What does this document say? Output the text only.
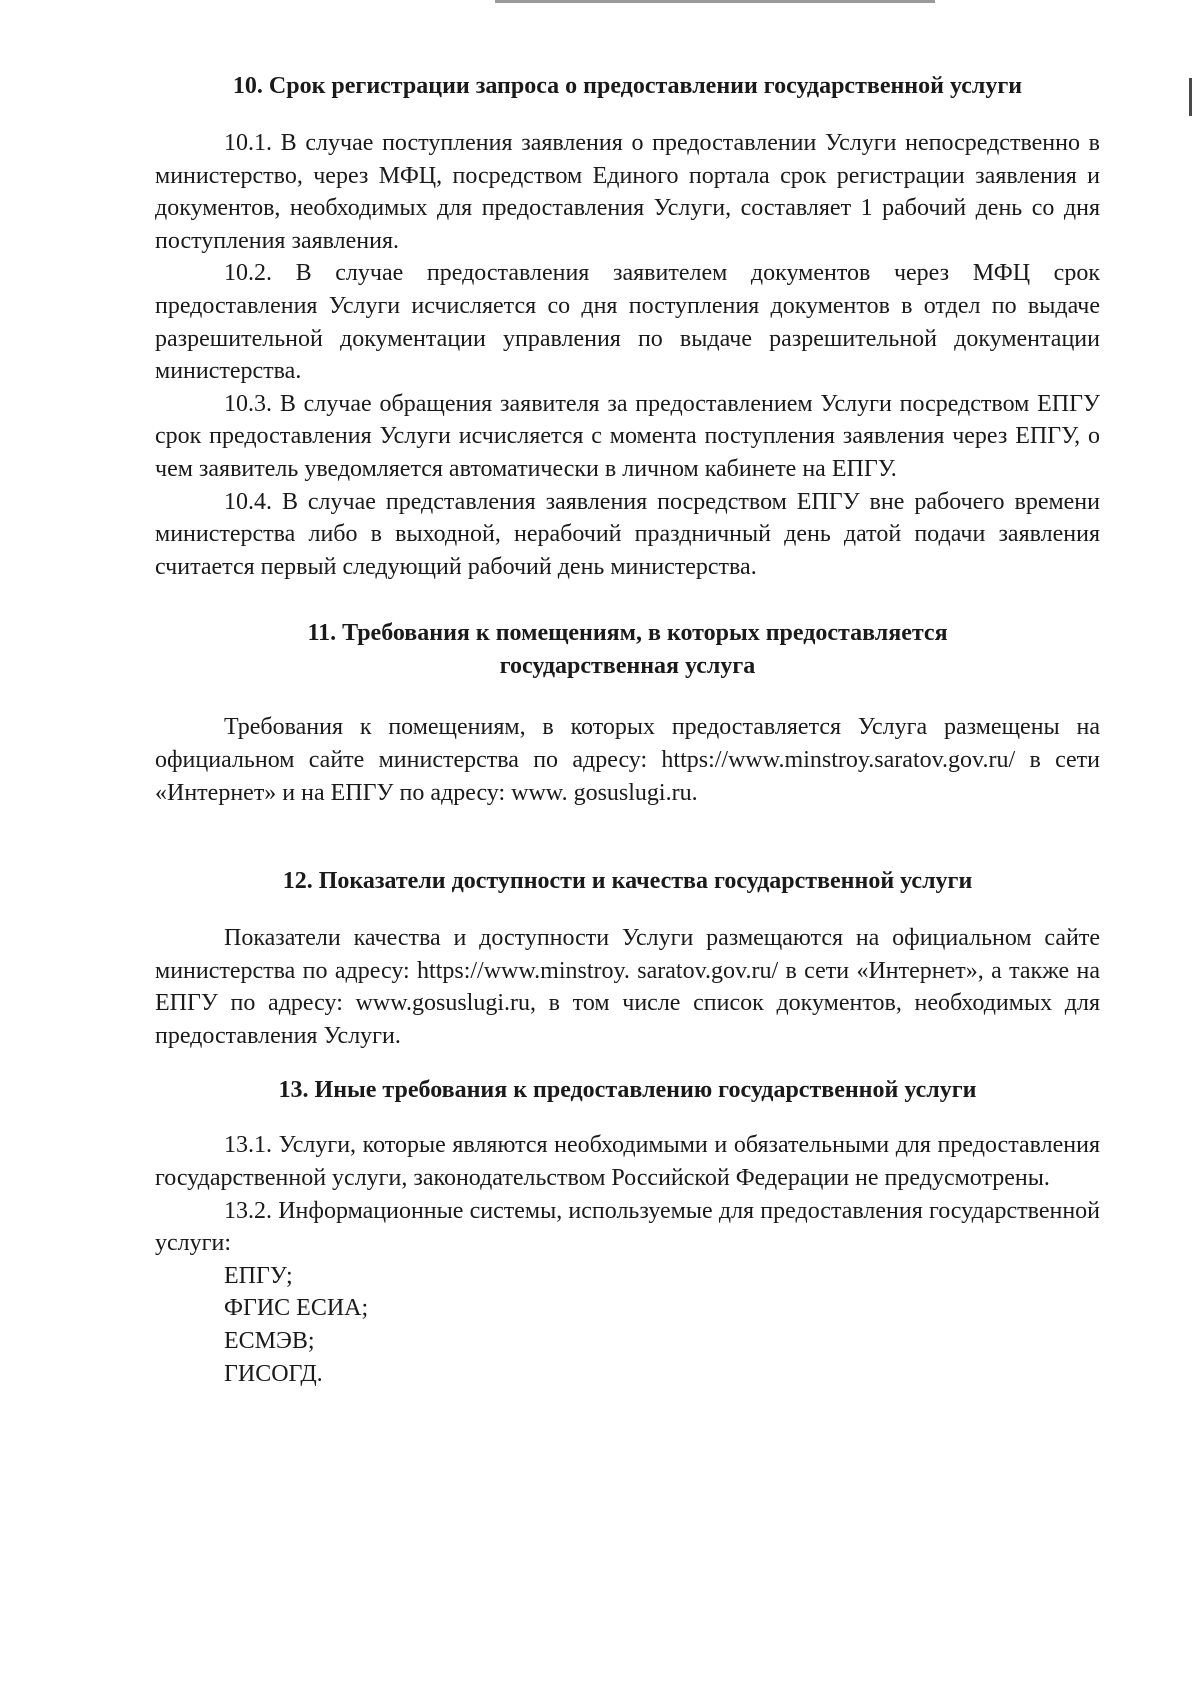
10. Срок регистрации запроса о предоставлении государственной услуги

10.1. В случае поступления заявления о предоставлении Услуги непосредственно в министерство, через МФЦ, посредством Единого портала срок регистрации заявления и документов, необходимых для предоставления Услуги, составляет 1 рабочий день со дня поступления заявления.

10.2. В случае предоставления заявителем документов через МФЦ срок предоставления Услуги исчисляется со дня поступления документов в отдел по выдаче разрешительной документации управления по выдаче разрешительной документации министерства.

10.3. В случае обращения заявителя за предоставлением Услуги посредством ЕПГУ срок предоставления Услуги исчисляется с момента поступления заявления через ЕПГУ, о чем заявитель уведомляется автоматически в личном кабинете на ЕПГУ.

10.4. В случае представления заявления посредством ЕПГУ вне рабочего времени министерства либо в выходной, нерабочий праздничный день датой подачи заявления считается первый следующий рабочий день министерства.

11. Требования к помещениям, в которых предоставляется
государственная услуга

Требования к помещениям, в которых предоставляется Услуга размещены на официальном сайте министерства по адресу: https://www.minstroy.saratov.gov.ru/ в сети «Интернет» и на ЕПГУ по адресу: www. gosuslugi.ru.

12. Показатели доступности и качества государственной услуги

Показатели качества и доступности Услуги размещаются на официальном сайте министерства по адресу: https://www.minstroy. saratov.gov.ru/ в сети «Интернет», а также на ЕПГУ по адресу: www.gosuslugi.ru, в том числе список документов, необходимых для предоставления Услуги.

13. Иные требования к предоставлению государственной услуги

13.1. Услуги, которые являются необходимыми и обязательными для предоставления государственной услуги, законодательством Российской Федерации не предусмотрены.

13.2. Информационные системы, используемые для предоставления государственной услуги:

ЕПГУ;

ФГИС ЕСИА;

ЕСМЭВ;

ГИСОГД.
